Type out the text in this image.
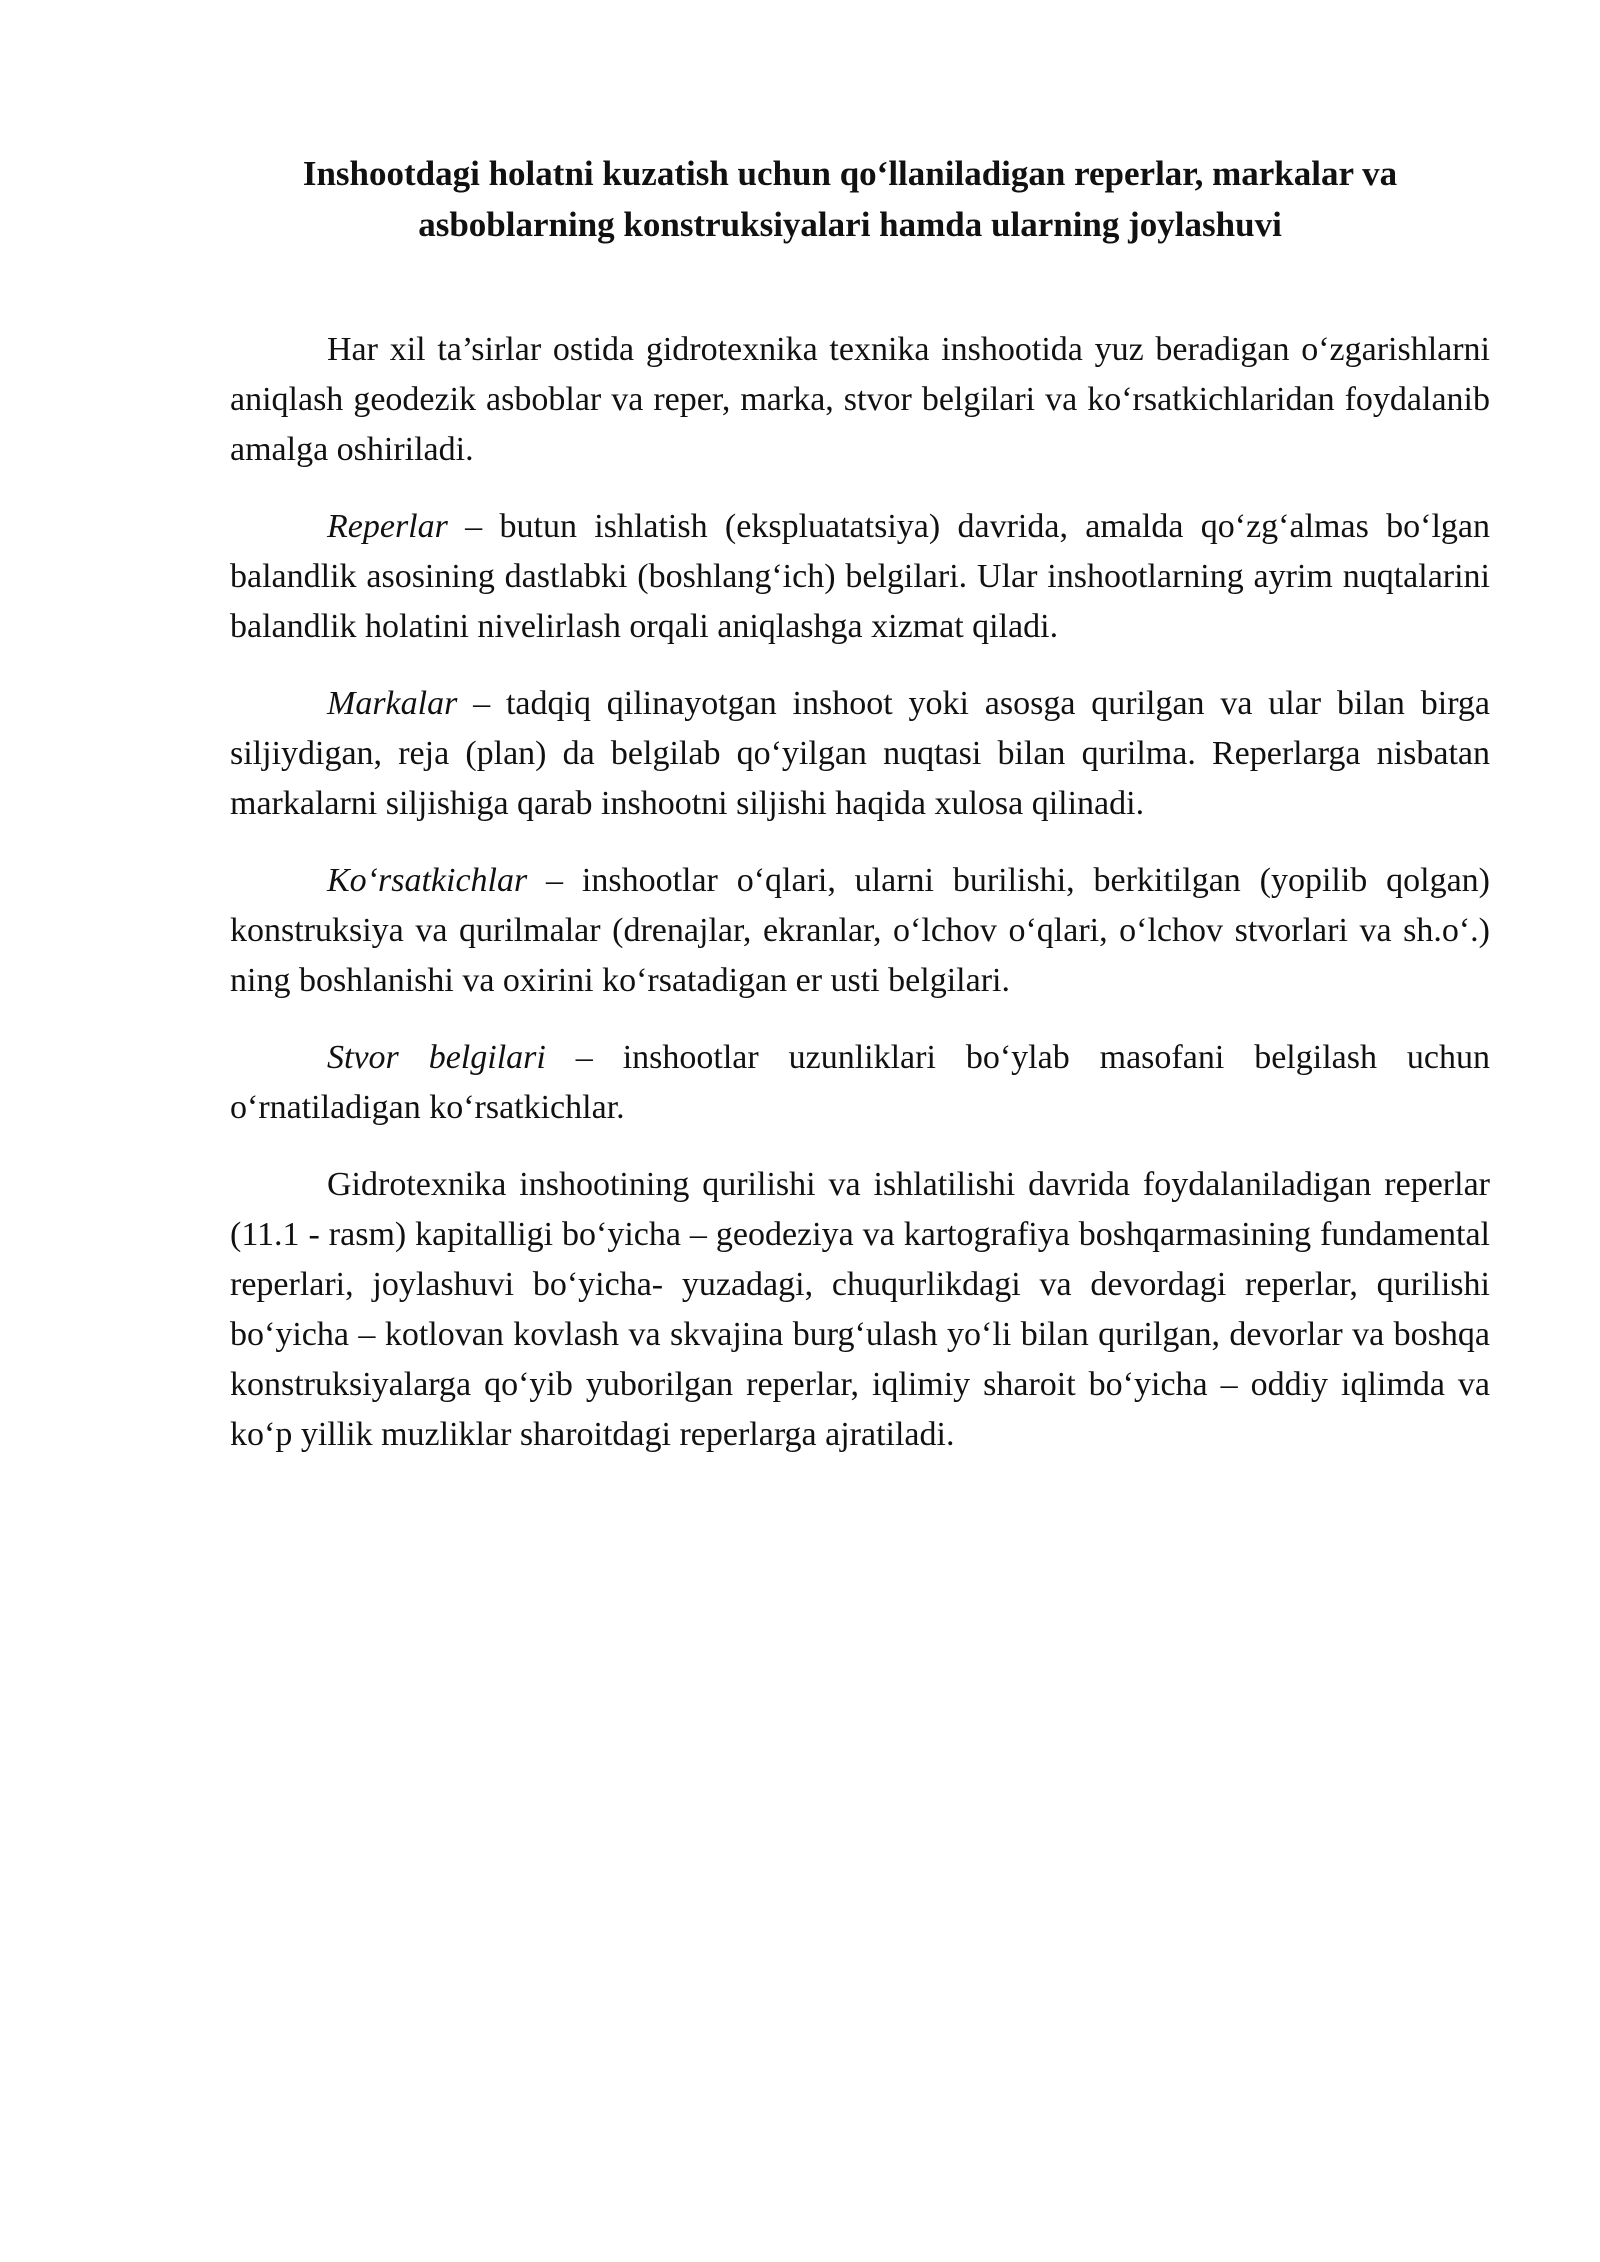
Inshootdagi holatni kuzatish uchun qo‘llaniladigan reperlar, markalar va asboblarning konstruksiyalari hamda ularning joylashuvi

Har xil ta’sirlar ostida gidrotexnika texnika inshootida yuz beradigan o‘zgarishlarni aniqlash geodezik asboblar va reper, marka, stvor belgilari va ko‘rsatkichlaridan foydalanib amalga oshiriladi.

Reperlar – butun ishlatish (ekspluatatsiya) davrida, amalda qo‘zg‘almas bo‘lgan balandlik asosining dastlabki (boshlang‘ich) belgilari. Ular inshootlarning ayrim nuqtalarini balandlik holatini nivelirlash orqali aniqlashga xizmat qiladi.

Markalar – tadqiq qilinayotgan inshoot yoki asosga qurilgan va ular bilan birga siljiydigan, reja (plan) da belgilab qo‘yilgan nuqtasi bilan qurilma. Reperlarga nisbatan markalarni siljishiga qarab inshootni siljishi haqida xulosa qilinadi.

Ko‘rsatkichlar – inshootlar o‘qlari, ularni burilishi, berkitilgan (yopilib qolgan) konstruksiya va qurilmalar (drenajlar, ekranlar, o‘lchov o‘qlari, o‘lchov stvorlari va sh.o‘.) ning boshlanishi va oxirini ko‘rsatadigan er usti belgilari.

Stvor belgilari – inshootlar uzunliklari bo‘ylab masofani belgilash uchun o‘rnatiladigan ko‘rsatkichlar.

Gidrotexnika inshootining qurilishi va ishlatilishi davrida foydalaniladigan reperlar (11.1 - rasm) kapitalligi bo‘yicha – geodeziya va kartografiya boshqarmasining fundamental reperlari, joylashuvi bo‘yicha- yuzadagi, chuqurlikdagi va devordagi reperlar, qurilishi bo‘yicha – kotlovan kovlash va skvajina burg‘ulash yo‘li bilan qurilgan, devorlar va boshqa konstruksiyalarga qo‘yib yuborilgan reperlar, iqlimiy sharoit bo‘yicha – oddiy iqlimda va ko‘p yillik muzliklar sharoitdagi reperlarga ajratiladi.
